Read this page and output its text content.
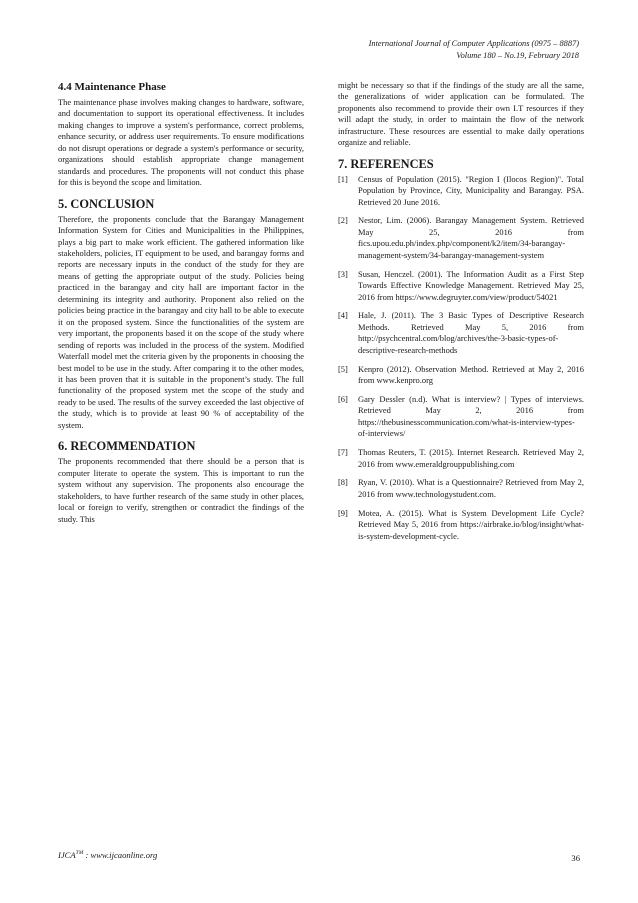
International Journal of Computer Applications (0975 – 8887)
Volume 180 – No.19, February 2018
4.4 Maintenance Phase

The maintenance phase involves making changes to hardware, software, and documentation to support its operational effectiveness. It includes making changes to improve a system's performance, correct problems, enhance security, or address user requirements. To ensure modifications do not disrupt operations or degrade a system's performance or security, organizations should establish appropriate change management standards and procedures. The proponents will not conduct this phase for this is beyond the scope and limitation.

5. CONCLUSION

Therefore, the proponents conclude that the Barangay Management Information System for Cities and Municipalities in the Philippines, plays a big part to make work efficient. The gathered information like stakeholders, policies, IT equipment to be used, and barangay forms and reports are necessary inputs in the conduct of the study for they are means of getting the appropriate output of the study. Policies being practiced in the barangay and city hall are important factor in the determining its integrity and authority. Proponent also relied on the policies being practice in the barangay and city hall to be able to execute it on the proposed system. Since the functionalities of the system are very important, the proponents based it on the scope of the study where sending of reports was included in the process of the system. Modified Waterfall model met the criteria given by the proponents in choosing the best model to be use in the study. After comparing it to the other modes, it has been proven that it is suitable in the proponent’s study. The full functionality of the proposed system met the scope of the study and ready to be used. The results of the survey exceeded the last objective of the study, which is to provide at least 90 % of acceptability of the system.

6. RECOMMENDATION

The proponents recommended that there should be a person that is computer literate to operate the system. This is important to run the system without any supervision. The proponents also encourage the stakeholders, to have further research of the same study in other places, local or foreign to verify, strengthen or contradict the findings of the study. This

might be necessary so that if the findings of the study are all the same, the generalizations of wider application can be formulated. The proponents also recommend to provide their own I.T resources if they will adapt the study, in order to maintain the flow of the network infrastructure. These resources are essential to make daily operations organize and reliable.

7. REFERENCES
[1] Census of Population (2015). "Region I (Ilocos Region)". Total Population by Province, City, Municipality and Barangay. PSA. Retrieved 20 June 2016.
[2] Nestor, Lim. (2006). Barangay Management System. Retrieved May 25, 2016 from fics.upou.edu.ph/index.php/component/k2/item/34-barangay-management-system/34-barangay-management-system
[3] Susan, Henczel. (2001). The Information Audit as a First Step Towards Effective Knowledge Management. Retrieved May 25, 2016 from https://www.degruyter.com/view/product/54021
[4] Hale, J. (2011). The 3 Basic Types of Descriptive Research Methods. Retrieved May 5, 2016 from http://psychcentral.com/blog/archives/the-3-basic-types-of-descriptive-research-methods
[5] Kenpro (2012). Observation Method. Retrieved at May 2, 2016 from www.kenpro.org
[6] Gary Dessler (n.d). What is interview? | Types of interviews. Retrieved May 2, 2016 from https://thebusinesscommunication.com/what-is-interview-types-of-interviews/
[7] Thomas Reuters, T. (2015). Internet Research. Retrieved May 2, 2016 from www.emeraldgrouppublishing.com
[8] Ryan, V. (2010). What is a Questionnaire? Retrieved from May 2, 2016 from www.technologystudent.com.
[9] Motea, A. (2015). What is System Development Life Cycle? Retrieved May 5, 2016 from https://airbrake.io/blog/insight/what-is-system-development-cycle.
IJCA™ : www.ijcaonline.org	36
